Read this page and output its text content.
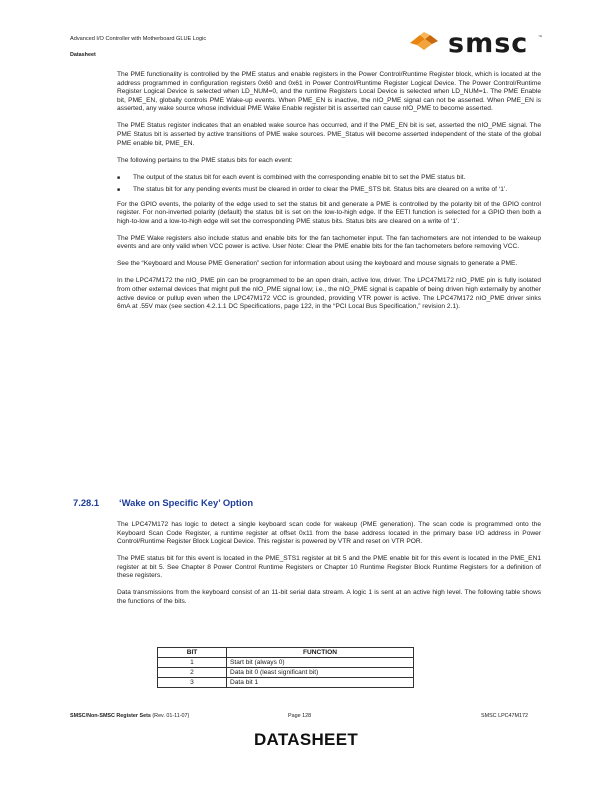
Advanced I/O Controller with Motherboard GLUE Logic
Datasheet	smsc ™

The PME functionality is controlled by the PME status and enable registers in the Power Control/Runtime Register block, which is located at the address programmed in configuration registers 0x60 and 0x61 in Power Control/Runtime Register Logical Device. The Power Control/Runtime Register Logical Device is selected when LD_NUM=0, and the runtime Registers Local Device is selected when LD_NUM=1. The PME Enable bit, PME_EN, globally controls PME Wake-up events. When PME_EN is inactive, the nIO_PME signal can not be asserted. When PME_EN is asserted, any wake source whose individual PME Wake Enable register bit is asserted can cause nIO_PME to become asserted.

The PME Status register indicates that an enabled wake source has occurred, and if the PME_EN bit is set, asserted the nIO_PME signal. The PME Status bit is asserted by active transitions of PME wake sources. PME_Status will become asserted independent of the state of the global PME enable bit, PME_EN.

The following pertains to the PME status bits for each event:

■ The output of the status bit for each event is combined with the corresponding enable bit to set the PME status bit.
■ The status bit for any pending events must be cleared in order to clear the PME_STS bit. Status bits are cleared on a write of ‘1’.

For the GPIO events, the polarity of the edge used to set the status bit and generate a PME is controlled by the polarity bit of the GPIO control register. For non-inverted polarity (default) the status bit is set on the low-to-high edge. If the EETI function is selected for a GPIO then both a high-to-low and a low-to-high edge will set the corresponding PME status bits. Status bits are cleared on a write of ‘1’.

The PME Wake registers also include status and enable bits for the fan tachometer input. The fan tachometers are not intended to be wakeup events and are only valid when VCC power is active. User Note: Clear the PME enable bits for the fan tachometers before removing VCC.

See the “Keyboard and Mouse PME Generation” section for information about using the keyboard and mouse signals to generate a PME.

In the LPC47M172 the nIO_PME pin can be programmed to be an open drain, active low, driver. The LPC47M172 nIO_PME pin is fully isolated from other external devices that might pull the nIO_PME signal low; i.e., the nIO_PME signal is capable of being driven high externally by another active device or pullup even when the LPC47M172 VCC is grounded, providing VTR power is active. The LPC47M172 nIO_PME driver sinks 6mA at .55V max (see section 4.2.1.1 DC Specifications, page 122, in the “PCI Local Bus Specification,” revision 2.1).

7.28.1 ‘Wake on Specific Key’ Option

The LPC47M172 has logic to detect a single keyboard scan code for wakeup (PME generation). The scan code is programmed onto the Keyboard Scan Code Register, a runtime register at offset 0x11 from the base address located in the primary base I/O address in Power Control/Runtime Register Block Logical Device. This register is powered by VTR and reset on VTR POR.

The PME status bit for this event is located in the PME_STS1 register at bit 5 and the PME enable bit for this event is located in the PME_EN1 register at bit 5. See Chapter 8 Power Control Runtime Registers or Chapter 10 Runtime Register Block Runtime Registers for a definition of these registers.

Data transmissions from the keyboard consist of an 11-bit serial data stream. A logic 1 is sent at an active high level. The following table shows the functions of the bits.

BIT	FUNCTION
1	Start bit (always 0)
2	Data bit 0 (least significant bit)
3	Data bit 1
SMSC/Non-SMSC Register Sets (Rev. 01-11-07)	Page 128	SMSC LPC47M172
DATASHEET
